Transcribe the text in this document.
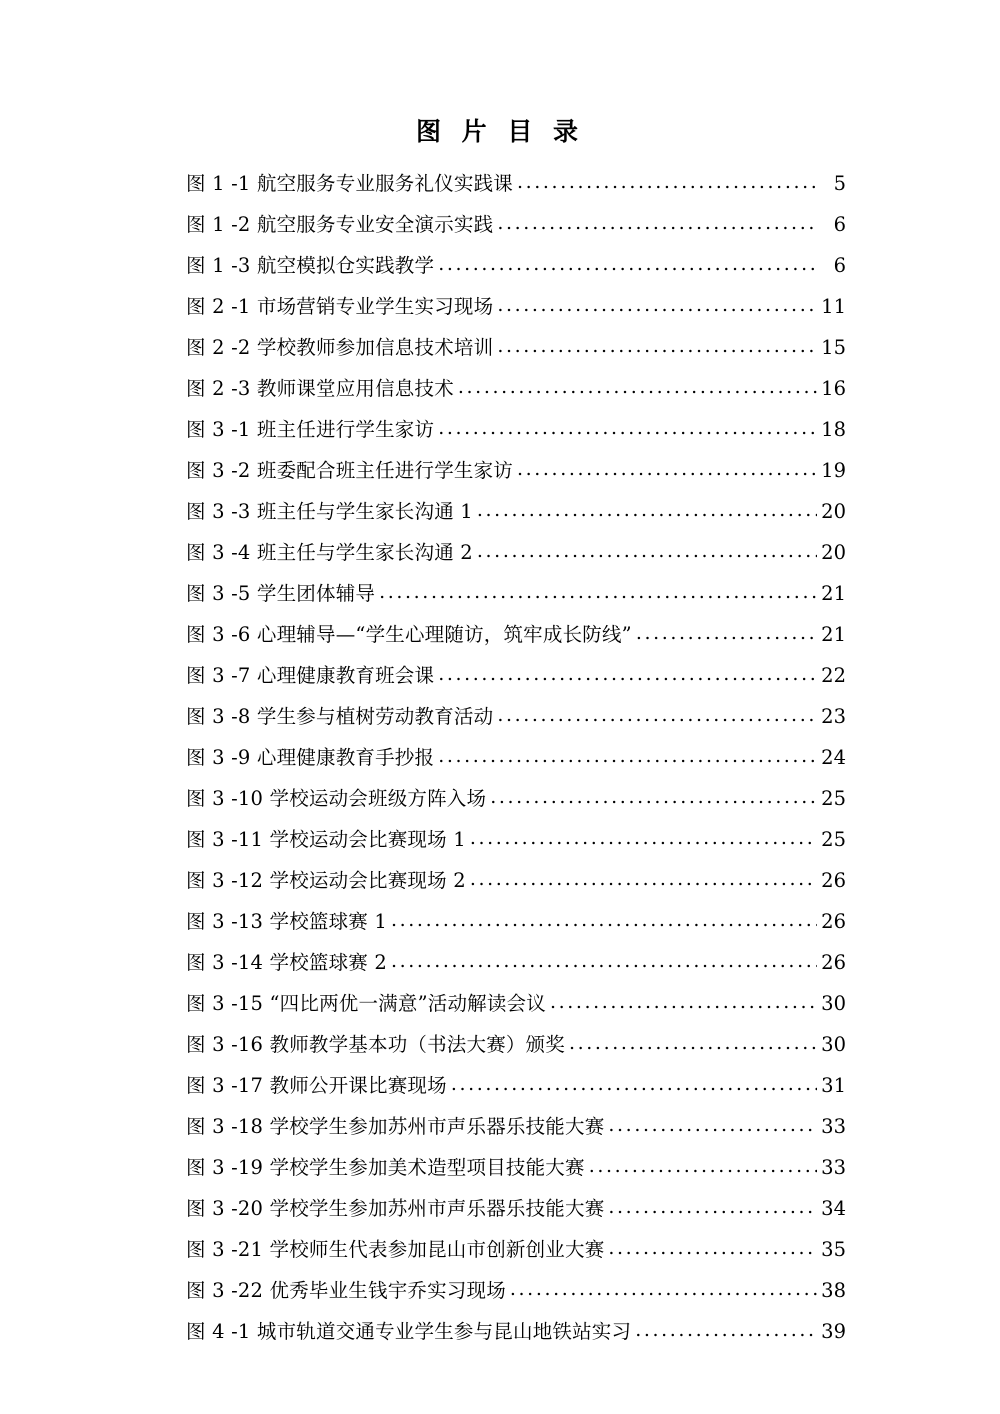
图 片 目 录
图 1 -1 航空服务专业服务礼仪实践课 .....	5
图 1 -2 航空服务专业安全演示实践 .....	6
图 1 -3 航空模拟仓实践教学 .....	6
图 2 -1 市场营销专业学生实习现场 .....	11
图 2 -2 学校教师参加信息技术培训 .....	15
图 2 -3 教师课堂应用信息技术 .....	16
图 3 -1 班主任进行学生家访 .....	18
图 3 -2 班委配合班主任进行学生家访 .....	19
图 3 -3 班主任与学生家长沟通 1 .....	20
图 3 -4 班主任与学生家长沟通 2 .....	20
图 3 -5 学生团体辅导 .....	21
图 3 -6 心理辅导—“学生心理随访，筑牢成长防线” .....	21
图 3 -7 心理健康教育班会课 .....	22
图 3 -8 学生参与植树劳动教育活动 .....	23
图 3 -9 心理健康教育手抄报 .....	24
图 3 -10 学校运动会班级方阵入场 .....	25
图 3 -11 学校运动会比赛现场 1 .....	25
图 3 -12 学校运动会比赛现场 2 .....	26
图 3 -13 学校篮球赛 1 .....	26
图 3 -14 学校篮球赛 2 .....	26
图 3 -15 “四比两优一满意”活动解读会议 .....	30
图 3 -16 教师教学基本功（书法大赛）颁奖 .....	30
图 3 -17 教师公开课比赛现场 .....	31
图 3 -18 学校学生参加苏州市声乐器乐技能大赛 .....	33
图 3 -19 学校学生参加美术造型项目技能大赛 .....	33
图 3 -20 学校学生参加苏州市声乐器乐技能大赛 .....	34
图 3 -21 学校师生代表参加昆山市创新创业大赛 .....	35
图 3 -22 优秀毕业生钱宇乔实习现场 .....	38
图 4 -1 城市轨道交通专业学生参与昆山地铁站实习 .....	39
